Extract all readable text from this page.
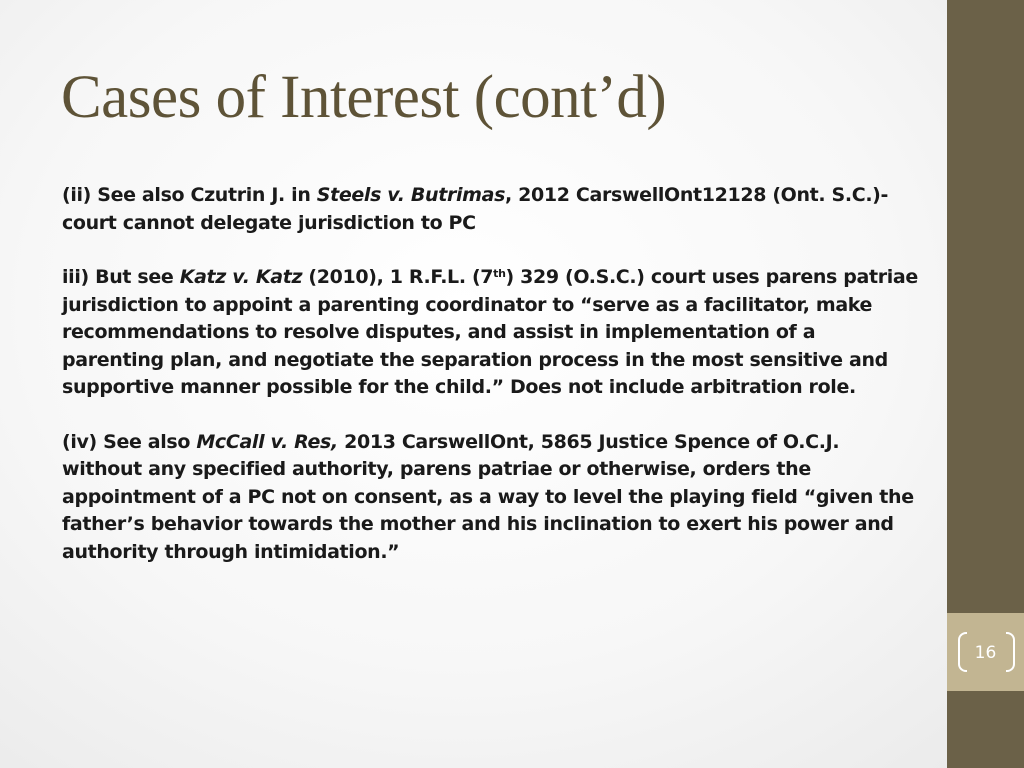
Cases of Interest (cont’d)

(ii) See also Czutrin J. in Steels v. Butrimas, 2012 CarswellOnt12128 (Ont. S.C.)-court cannot delegate jurisdiction to PC

iii) But see Katz v. Katz (2010), 1 R.F.L. (7th) 329 (O.S.C.) court uses parens patriae jurisdiction to appoint a parenting coordinator to “serve as a facilitator, make recommendations to resolve disputes, and assist in implementation of a parenting plan, and negotiate the separation process in the most sensitive and supportive manner possible for the child.” Does not include arbitration role.

(iv) See also McCall v. Res, 2013 CarswellOnt, 5865 Justice Spence of O.C.J. without any specified authority, parens patriae or otherwise, orders the appointment of a PC not on consent, as a way to level the playing field “given the father’s behavior towards the mother and his inclination to exert his power and authority through intimidation.”

16
